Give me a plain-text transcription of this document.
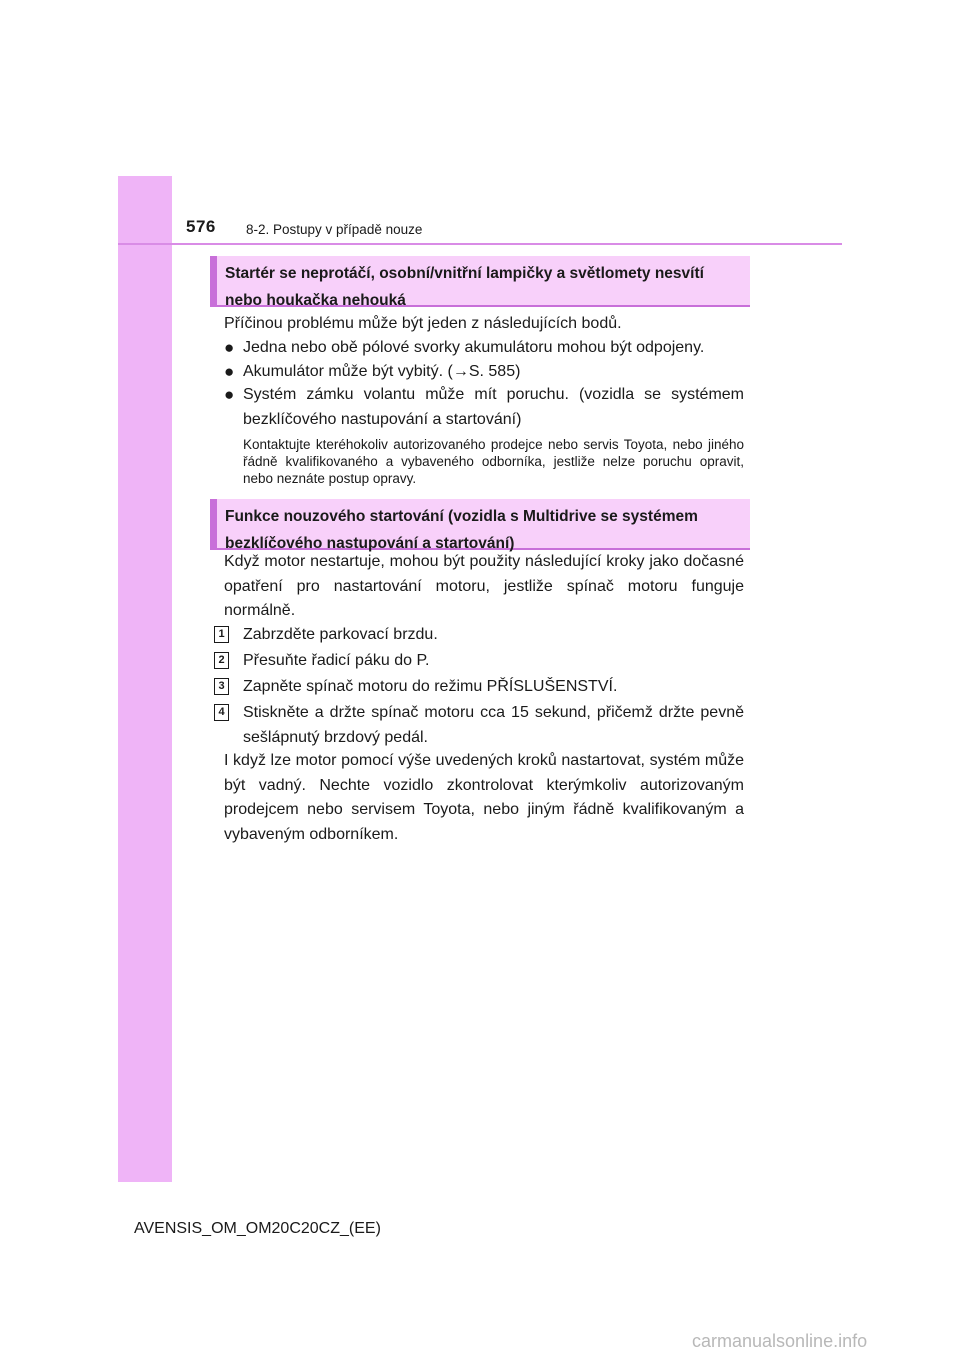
576 8-2. Postupy v případě nouze
Startér se neprotáčí, osobní/vnitřní lampičky a světlomety nesvítí nebo houkačka nehouká
Příčinou problému může být jeden z následujících bodů.
● Jedna nebo obě pólové svorky akumulátoru mohou být odpojeny.
● Akumulátor může být vybitý. (→S. 585)
● Systém zámku volantu může mít poruchu. (vozidla se systémem bezklíčového nastupování a startování)
Kontaktujte kteréhokoliv autorizovaného prodejce nebo servis Toyota, nebo jiného řádně kvalifikovaného a vybaveného odborníka, jestliže nelze poruchu opravit, nebo neznáte postup opravy.
Funkce nouzového startování (vozidla s Multidrive se systémem bezklíčového nastupování a startování)
Když motor nestartuje, mohou být použity následující kroky jako dočasné opatření pro nastartování motoru, jestliže spínač motoru funguje normálně.
1 Zabrzděte parkovací brzdu.
2 Přesuňte řadicí páku do P.
3 Zapněte spínač motoru do režimu PŘÍSLUŠENSTVÍ.
4 Stiskněte a držte spínač motoru cca 15 sekund, přičemž držte pevně sešlápnutý brzdový pedál.
I když lze motor pomocí výše uvedených kroků nastartovat, systém může být vadný. Nechte vozidlo zkontrolovat kterýmkoliv autorizovaným prodejcem nebo servisem Toyota, nebo jiným řádně kvalifikovaným a vybaveným odborníkem.
AVENSIS_OM_OM20C20CZ_(EE)
carmanualsonline.info
